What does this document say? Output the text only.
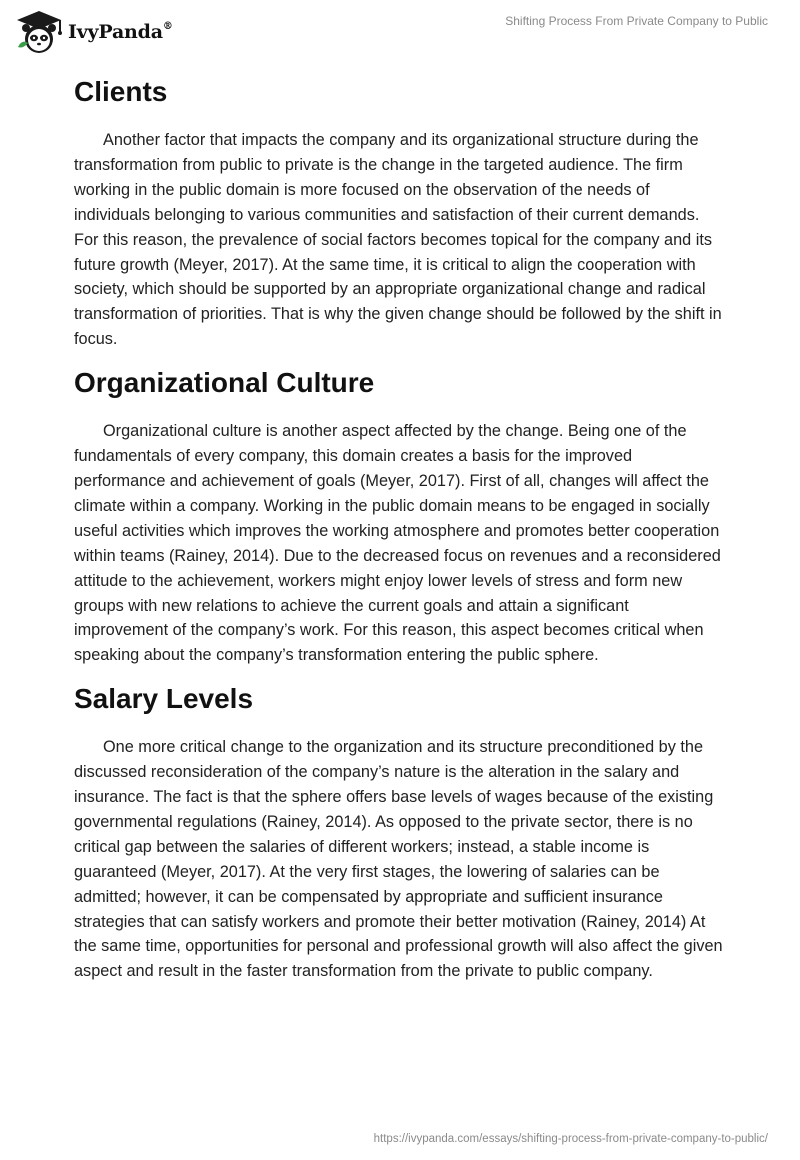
IvyPanda®	Shifting Process From Private Company to Public
Clients

Another factor that impacts the company and its organizational structure during the transformation from public to private is the change in the targeted audience. The firm working in the public domain is more focused on the observation of the needs of individuals belonging to various communities and satisfaction of their current demands. For this reason, the prevalence of social factors becomes topical for the company and its future growth (Meyer, 2017). At the same time, it is critical to align the cooperation with society, which should be supported by an appropriate organizational change and radical transformation of priorities. That is why the given change should be followed by the shift in focus.

Organizational Culture

Organizational culture is another aspect affected by the change. Being one of the fundamentals of every company, this domain creates a basis for the improved performance and achievement of goals (Meyer, 2017). First of all, changes will affect the climate within a company. Working in the public domain means to be engaged in socially useful activities which improves the working atmosphere and promotes better cooperation within teams (Rainey, 2014). Due to the decreased focus on revenues and a reconsidered attitude to the achievement, workers might enjoy lower levels of stress and form new groups with new relations to achieve the current goals and attain a significant improvement of the company’s work. For this reason, this aspect becomes critical when speaking about the company’s transformation entering the public sphere.

Salary Levels

One more critical change to the organization and its structure preconditioned by the discussed reconsideration of the company’s nature is the alteration in the salary and insurance. The fact is that the sphere offers base levels of wages because of the existing governmental regulations (Rainey, 2014). As opposed to the private sector, there is no critical gap between the salaries of different workers; instead, a stable income is guaranteed (Meyer, 2017). At the very first stages, the lowering of salaries can be admitted; however, it can be compensated by appropriate and sufficient insurance strategies that can satisfy workers and promote their better motivation (Rainey, 2014) At the same time, opportunities for personal and professional growth will also affect the given aspect and result in the faster transformation from the private to public company.

https://ivypanda.com/essays/shifting-process-from-private-company-to-public/
